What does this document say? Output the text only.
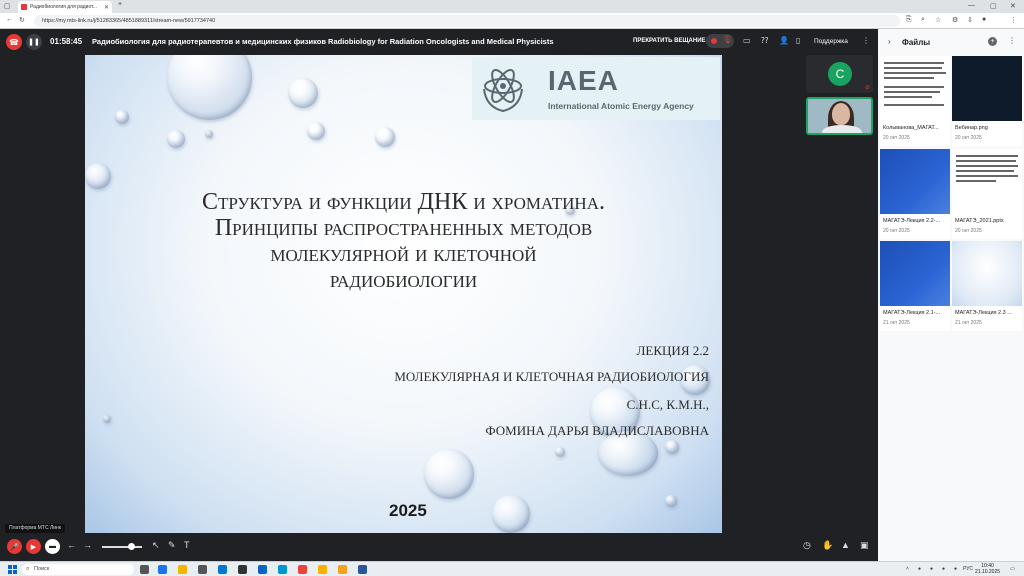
▢	Радиобиология для радиот... ✕ +	— ▢ ✕
← ↻	https://my.mts-link.ru/j/51283365/4851889311/stream-new/5917734740	⎘ ⌕ ☆ ⚙ ⇩ ●	⋮
☎ ❚❚ 01:58:45 Радиобиология для радиотерапевтов и медицинских физиков Radiobiology for Radiation Oncologists and Medical Physicists	ПРЕКРАТИТЬ ВЕЩАНИЕ 🎙 ▭ ⁇ 👤 ▯ Поддержка ⋮
IAEA
International Atomic Energy Agency
Структура и функции ДНК и хроматина.
Принципы распространенных методов
молекулярной и клеточной
радиобиологии
ЛЕКЦИЯ 2.2
МОЛЕКУЛЯРНАЯ И КЛЕТОЧНАЯ РАДИОБИОЛОГИЯ
С.Н.С, К.М.Н.,
ФОМИНА ДАРЬЯ ВЛАДИСЛАВОВНА
2025
С
⊘
Платформа МТС Линк
🎤 ▶ ▬ ← →	↖ ✎ T	◷ ✋ ▲ ▣
› Файлы	+	⋮
Колыванова_МАГАТ...
20 окт 2025
Вебинар.png
20 окт 2025
МАГАТЭ-Лекция 2.2-...
20 окт 2025
МАГАТЭ_2021.pptx
20 окт 2025
МАГАТЭ-Лекция 2.1-...
21 окт 2025
МАГАТЭ-Лекция 2.3 ...
21 окт 2025
⌕ Поиск	˄ ● ● ● ● РУС	10:40
21.10.2025 ▭
